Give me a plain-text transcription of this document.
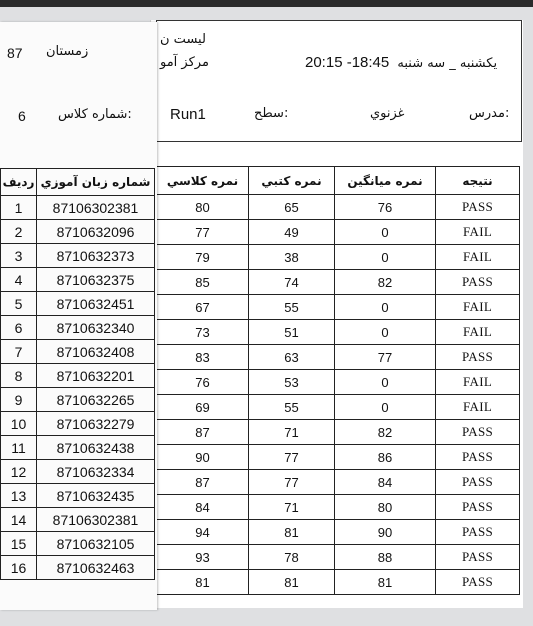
لیست ن
مرکز آمو	20:15 -18:45 یکشنبه _ سه شنبه
مدرس:
غزنوي
سطح:
Run1
نمره كلاسي	نمره كتبي	نمره ميانگين	نتيجه
80	65	76	PASS
77	49	0	FAIL
79	38	0	FAIL
85	74	82	PASS
67	55	0	FAIL
73	51	0	FAIL
83	63	77	PASS
76	53	0	FAIL
69	55	0	FAIL
87	71	82	PASS
90	77	86	PASS
87	77	84	PASS
84	71	80	PASS
94	81	90	PASS
93	78	88	PASS
81	81	81	PASS
87 زمستان
6 شماره کلاس:
رديف	شماره زبان آموزي
1	87106302381
2	8710632096
3	8710632373
4	8710632375
5	8710632451
6	8710632340
7	8710632408
8	8710632201
9	8710632265
10	8710632279
11	8710632438
12	8710632334
13	8710632435
14	87106302381
15	8710632105
16	8710632463
